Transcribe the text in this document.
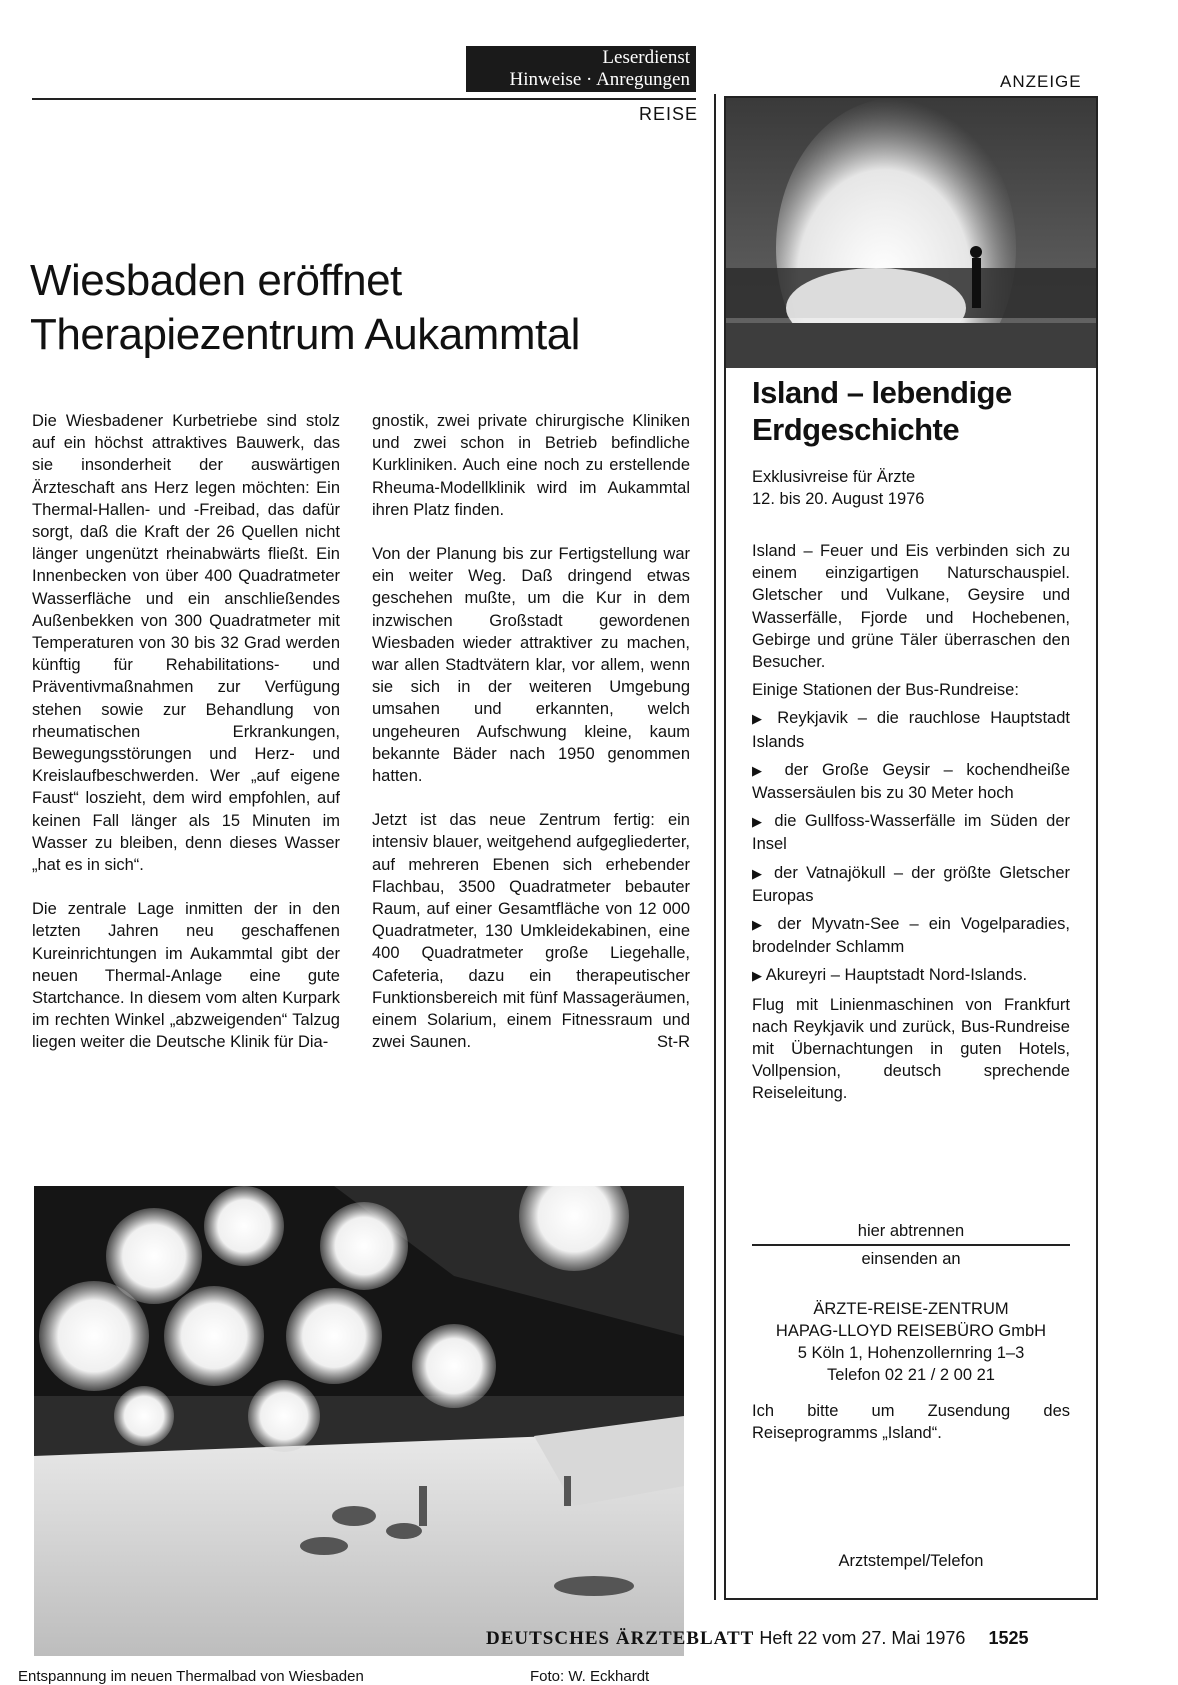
Leserdienst
Hinweise · Anregungen
REISE
ANZEIGE
Wiesbaden eröffnet
Therapiezentrum Aukammtal

Die Wiesbadener Kurbetriebe sind stolz auf ein höchst attraktives Bauwerk, das sie insonderheit der auswärtigen Ärzteschaft ans Herz legen möchten: Ein Thermal-Hallen- und -Freibad, das dafür sorgt, daß die Kraft der 26 Quellen nicht länger ungenützt rheinabwärts fließt. Ein Innenbecken von über 400 Quadratmeter Wasserfläche und ein anschließendes Außenbekken von 300 Quadratmeter mit Temperaturen von 30 bis 32 Grad werden künftig für Rehabilitations- und Präventivmaßnahmen zur Verfügung stehen sowie zur Behandlung von rheumatischen Erkrankungen, Bewegungsstörungen und Herz- und Kreislaufbeschwerden. Wer „auf eigene Faust“ loszieht, dem wird empfohlen, auf keinen Fall länger als 15 Minuten im Wasser zu bleiben, denn dieses Wasser „hat es in sich“.

Die zentrale Lage inmitten der in den letzten Jahren neu geschaffenen Kureinrichtungen im Aukammtal gibt der neuen Thermal-Anlage eine gute Startchance. In diesem vom alten Kurpark im rechten Winkel „abzweigenden“ Talzug liegen weiter die Deutsche Klinik für Dia-

gnostik, zwei private chirurgische Kliniken und zwei schon in Betrieb befindliche Kurkliniken. Auch eine noch zu erstellende Rheuma-Modellklinik wird im Aukammtal ihren Platz finden.

Von der Planung bis zur Fertigstellung war ein weiter Weg. Daß dringend etwas geschehen mußte, um die Kur in dem inzwischen Großstadt gewordenen Wiesbaden wieder attraktiver zu machen, war allen Stadtvätern klar, vor allem, wenn sie sich in der weiteren Umgebung umsahen und erkannten, welch ungeheuren Aufschwung kleine, kaum bekannte Bäder nach 1950 genommen hatten.

Jetzt ist das neue Zentrum fertig: ein intensiv blauer, weitgehend aufgegliederter, auf mehreren Ebenen sich erhebender Flachbau, 3500 Quadratmeter bebauter Raum, auf einer Gesamtfläche von 12 000 Quadratmeter, 130 Umkleidekabinen, eine 400 Quadratmeter große Liegehalle, Cafeteria, dazu ein therapeutischer Funktionsbereich mit fünf Massageräumen, einem Solarium, einem Fitnessraum und zwei Saunen.	St-R

Entspannung im neuen Thermalbad von Wiesbaden	Foto: W. Eckhardt
Island – lebendige
Erdgeschichte
Exklusivreise für Ärzte
12. bis 20. August 1976

Island – Feuer und Eis verbinden sich zu einem einzigartigen Naturschauspiel. Gletscher und Vulkane, Geysire und Wasserfälle, Fjorde und Hochebenen, Gebirge und grüne Täler überraschen den Besucher.

Einige Stationen der Bus-Rundreise:

▶ Reykjavik – die rauchlose Hauptstadt Islands
▶ der Große Geysir – kochendheiße Wassersäulen bis zu 30 Meter hoch
▶ die Gullfoss-Wasserfälle im Süden der Insel
▶ der Vatnajökull – der größte Gletscher Europas
▶ der Myvatn-See – ein Vogelparadies, brodelnder Schlamm
▶ Akureyri – Hauptstadt Nord-Islands.

Flug mit Linienmaschinen von Frankfurt nach Reykjavik und zurück, Bus-Rundreise mit Übernachtungen in guten Hotels, Vollpension, deutsch sprechende Reiseleitung.

hier abtrennen
einsenden an
ÄRZTE-REISE-ZENTRUM
HAPAG-LLOYD REISEBÜRO GmbH
5 Köln 1, Hohenzollernring 1–3
Telefon 02 21 / 2 00 21
Ich bitte um Zusendung des Reiseprogramms „Island“.
Arztstempel/Telefon
DEUTSCHES ÄRZTEBLATT Heft 22 vom 27. Mai 1976 1525
